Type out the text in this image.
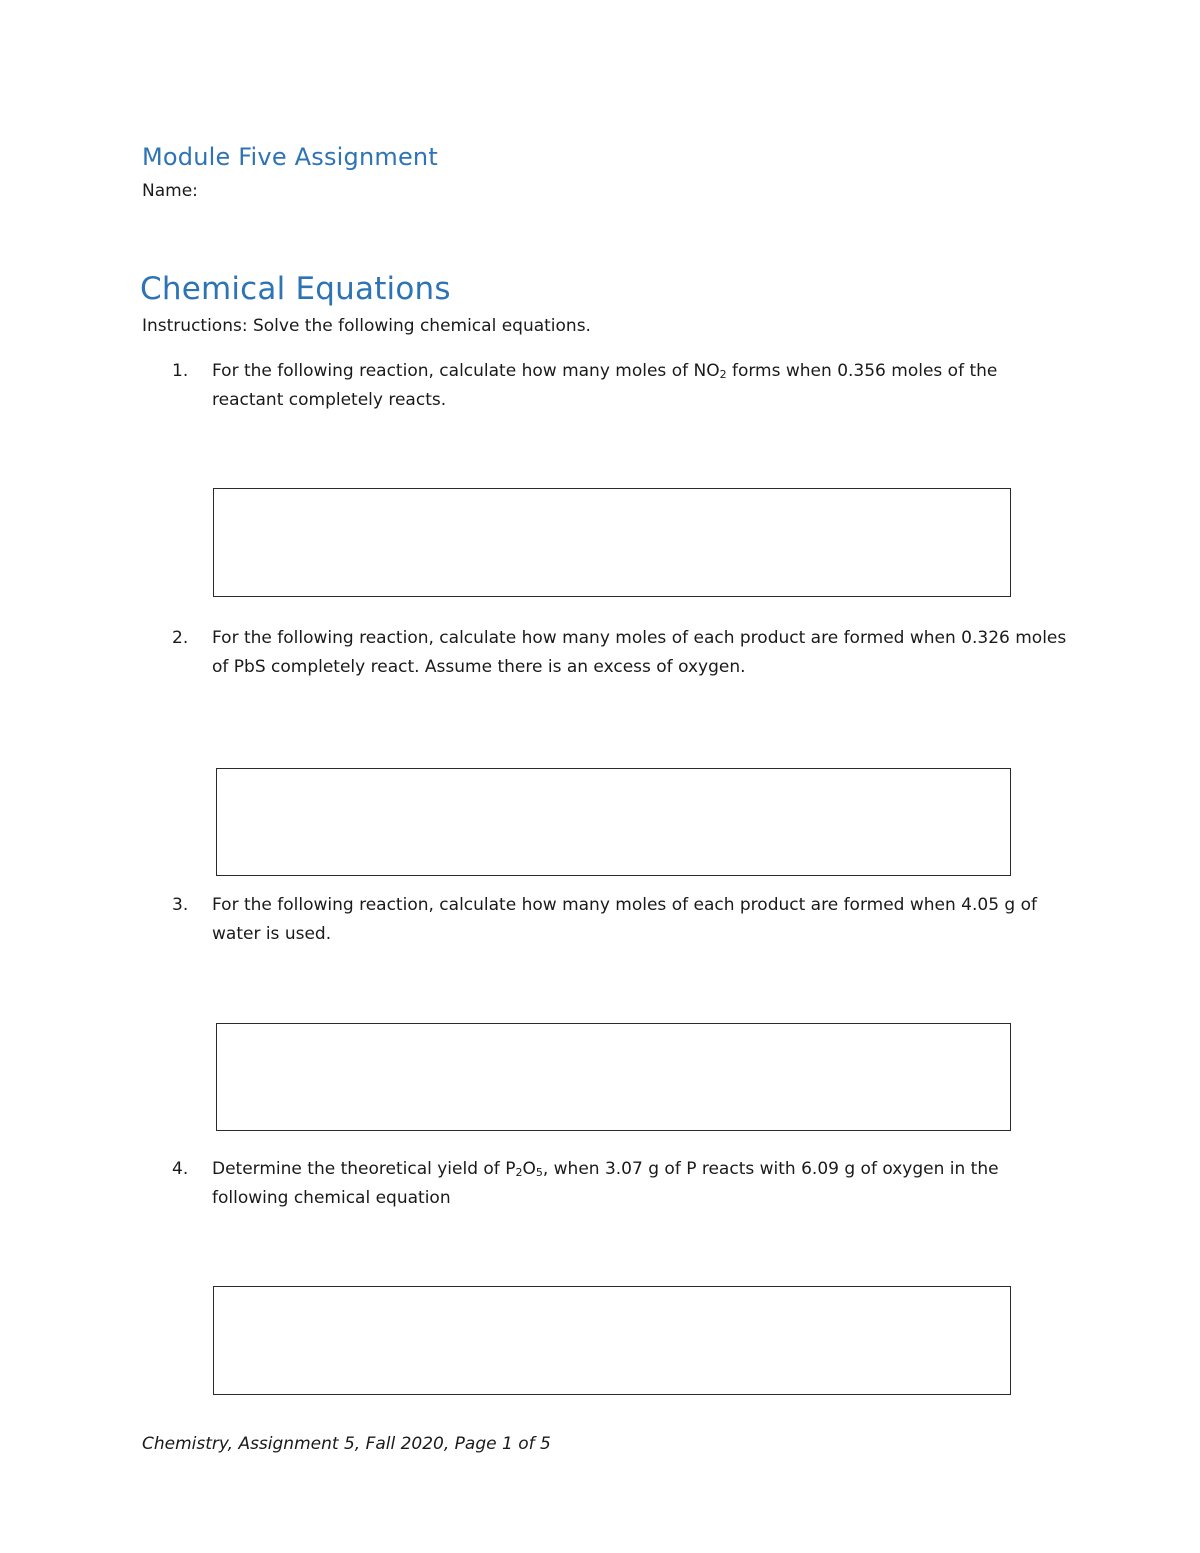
Module Five Assignment
Name:
Chemical Equations
Instructions: Solve the following chemical equations.
1.	For the following reaction, calculate how many moles of $NO_2$ forms when 0.356 moles of the reactant completely reacts.
2.	For the following reaction, calculate how many moles of each product are formed when 0.326 moles of PbS completely react. Assume there is an excess of oxygen.
3.	For the following reaction, calculate how many moles of each product are formed when 4.05 g of water is used.
4.	Determine the theoretical yield of $P_2O_5$, when 3.07 g of P reacts with 6.09 g of oxygen in the following chemical equation
Chemistry, Assignment 5, Fall 2020, Page 1 of 5
